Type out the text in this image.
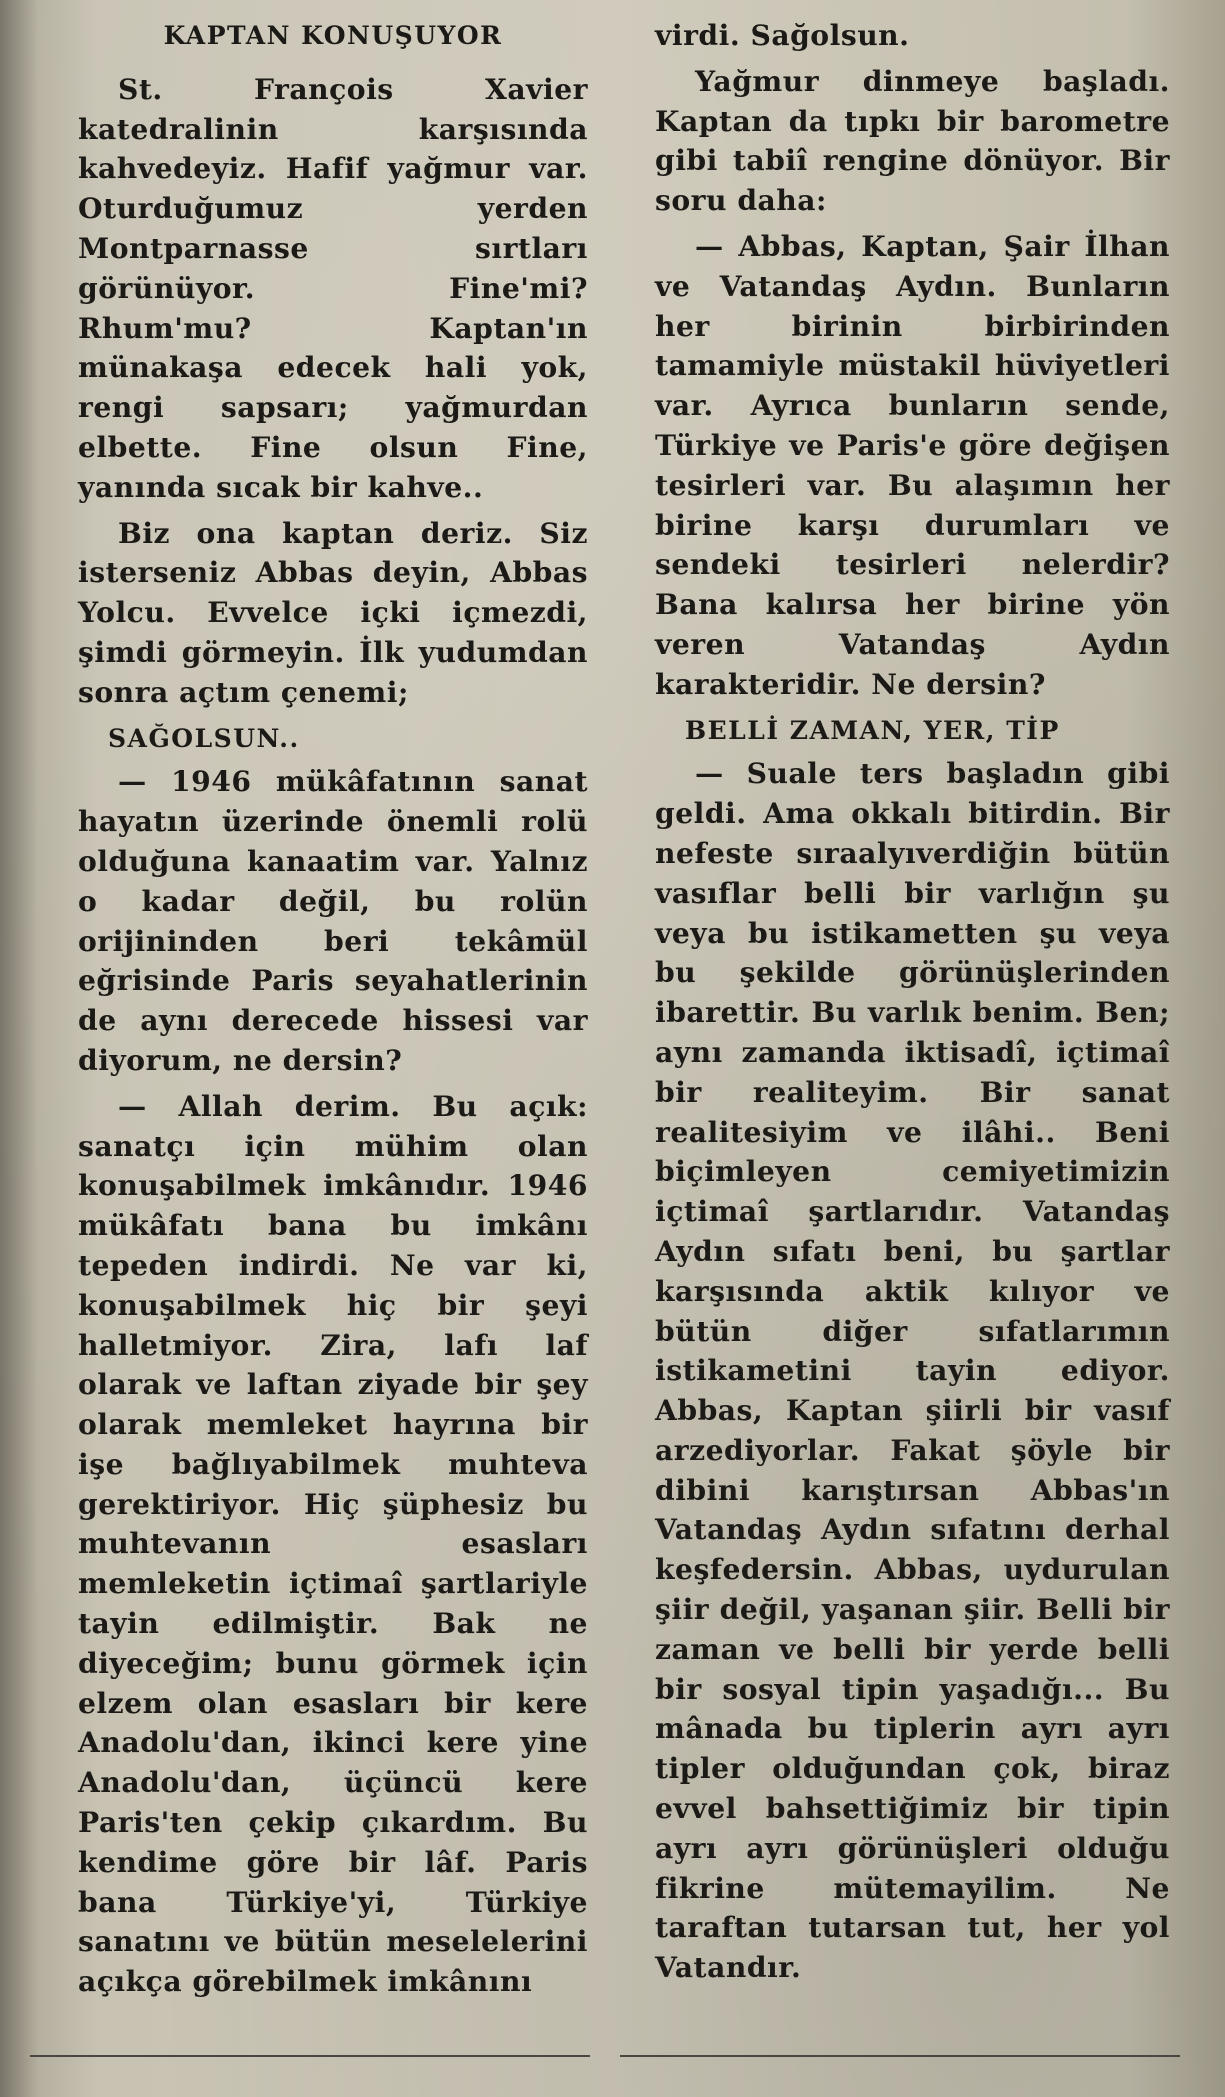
KAPTAN KONUŞUYOR

St. François Xavier katedralinin karşısında kahvedeyiz. Hafif yağmur var. Oturduğumuz yerden Montparnasse sırtları görünüyor. Fine'mi? Rhum'mu? Kaptan'ın münakaşa edecek hali yok, rengi sapsarı; yağmurdan elbette. Fine olsun Fine, yanında sıcak bir kahve..

Biz ona kaptan deriz. Siz isterseniz Abbas deyin, Abbas Yolcu. Evvelce içki içmezdi, şimdi görmeyin. İlk yudumdan sonra açtım çenemi;

SAĞOLSUN..

— 1946 mükâfatının sanat hayatın üzerinde önemli rolü olduğuna kanaatim var. Yalnız o kadar değil, bu rolün orijininden beri tekâmül eğrisinde Paris seyahatlerinin de aynı derecede hissesi var diyorum, ne dersin?

— Allah derim. Bu açık: sanatçı için mühim olan konuşabilmek imkânıdır. 1946 mükâfatı bana bu imkânı tepeden indirdi. Ne var ki, konuşabilmek hiç bir şeyi halletmiyor. Zira, lafı laf olarak ve laftan ziyade bir şey olarak memleket hayrına bir işe bağlıyabilmek muhteva gerektiriyor. Hiç şüphesiz bu muhtevanın esasları memleketin içtimaî şartlariyle tayin edilmiştir. Bak ne diyeceğim; bunu görmek için elzem olan esasları bir kere Anadolu'dan, ikinci kere yine Anadolu'dan, üçüncü kere Paris'ten çekip çıkardım. Bu kendime göre bir lâf. Paris bana Türkiye'yi, Türkiye sanatını ve bütün meselelerini açıkça görebilmek imkânını

virdi. Sağolsun.

Yağmur dinmeye başladı. Kaptan da tıpkı bir barometre gibi tabiî rengine dönüyor. Bir soru daha:

— Abbas, Kaptan, Şair İlhan ve Vatandaş Aydın. Bunların her birinin birbirinden tamamiyle müstakil hüviyetleri var. Ayrıca bunların sende, Türkiye ve Paris'e göre değişen tesirleri var. Bu alaşımın her birine karşı durumları ve sendeki tesirleri nelerdir? Bana kalırsa her birine yön veren Vatandaş Aydın karakteridir. Ne dersin?

BELLİ ZAMAN, YER, TİP

— Suale ters başladın gibi geldi. Ama okkalı bitirdin. Bir nefeste sıraalyıverdiğin bütün vasıflar belli bir varlığın şu veya bu istikametten şu veya bu şekilde görünüşlerinden ibarettir. Bu varlık benim. Ben; aynı zamanda iktisadî, içtimaî bir realiteyim. Bir sanat realitesiyim ve ilâhi.. Beni biçimleyen cemiyetimizin içtimaî şartlarıdır. Vatandaş Aydın sıfatı beni, bu şartlar karşısında aktik kılıyor ve bütün diğer sıfatlarımın istikametini tayin ediyor. Abbas, Kaptan şiirli bir vasıf arzediyorlar. Fakat şöyle bir dibini karıştırsan Abbas'ın Vatandaş Aydın sıfatını derhal keşfedersin. Abbas, uydurulan şiir değil, yaşanan şiir. Belli bir zaman ve belli bir yerde belli bir sosyal tipin yaşadığı... Bu mânada bu tiplerin ayrı ayrı tipler olduğundan çok, biraz evvel bahsettiğimiz bir tipin ayrı ayrı görünüşleri olduğu fikrine mütemayilim. Ne taraftan tutarsan tut, her yol Vatandır.
